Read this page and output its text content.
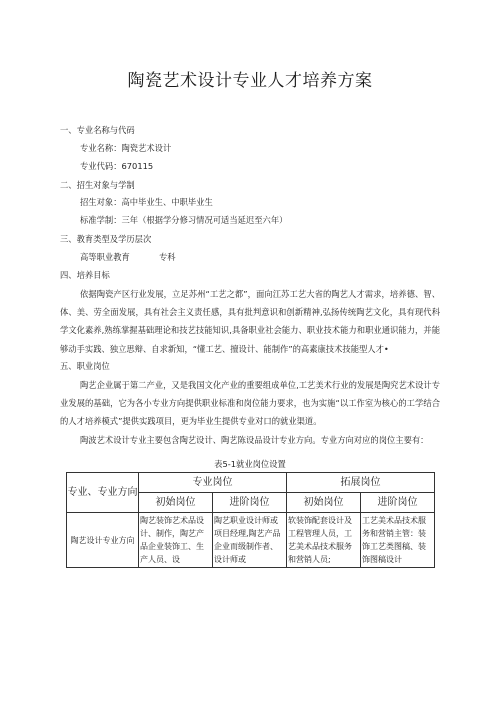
陶瓷艺术设计专业人才培养方案
一、专业名称与代码
专业名称：陶瓷艺术设计
专业代码：670115
二、招生对象与学制
招生对象：高中毕业生、中职毕业生
标准学制：三年（根据学分修习情况可适当延迟至六年）
三、教育类型及学历层次
高等职业教育	专科
四、培养目标
依据陶瓷产区行业发展，立足苏州“工艺之都”，面向江苏工艺大省的陶艺人才需求，培养德、智、体、美、劳全面发展，具有社会主义责任感，具有批判意识和创新精神,弘扬传统陶艺文化，具有现代科学文化素养,熟练掌握基础理论和技艺技能知识,具备职业社会能力、职业技术能力和职业通识能力，并能够动手实践、独立思辩、自求新知，“懂工艺、擅设计、能制作”的高素康技术技能型人才•
五、职业岗位
陶艺企业属于第二产业，又是我国文化产业的重要组成单位,工艺美术行业的发展是陶究艺术设计专业发展的基础，它为各小专业方向提供职业标准和岗位能力要求，也为实施“以工作室为核心的工学结合的人才培养模式”提供实践项目，更为毕业生提供专业对口的就业渠道。
陶波艺术设计专业主要包含陶艺设计、陶艺陈设品设计专业方向。专业方向对应的岗位主要有：
表5-1就业岗位设置
专业、专业方向	专业岗位		拓展岗位	
	初始岗位	进阶岗位	初始岗位	进阶岗位
陶艺设计专业方向	陶艺装饰艺术品设计、制作，陶艺产品企业装饰工、生产人员、设	陶艺职业设计师或项目经理,陶艺产品企业而级制作者、设计师或	软装饰配套设计及工程管理人员，工艺美术品技术服务和营销人员;	工艺美术品技术服务和营销主管：装饰工艺类图稿、装饰图稿设计
